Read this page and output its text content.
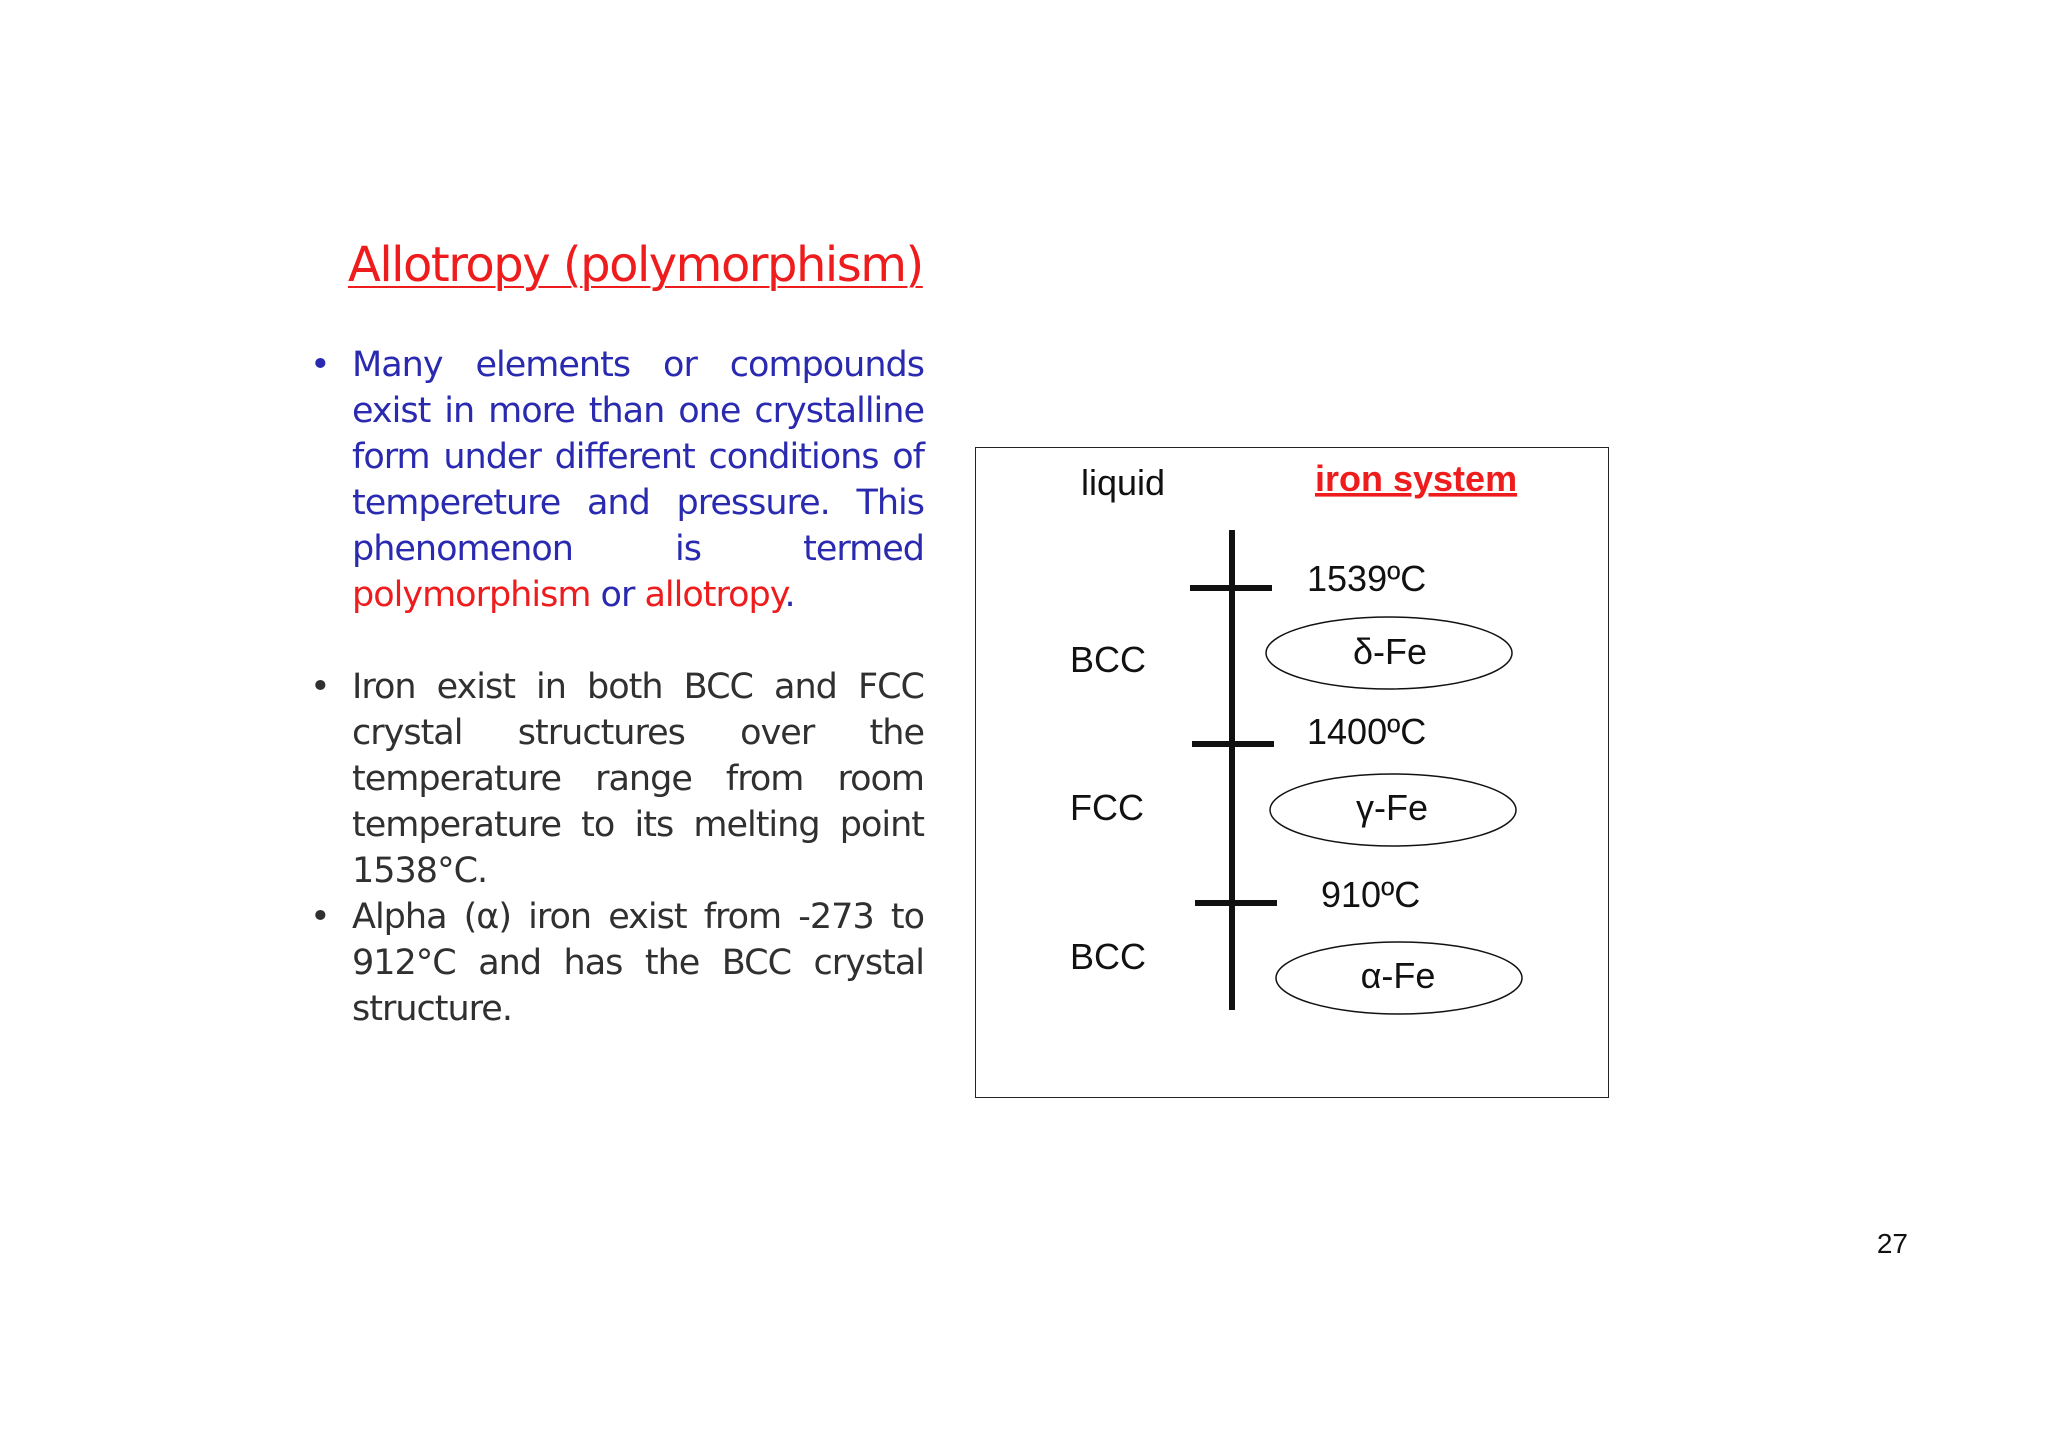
Allotropy (polymorphism)
• Many elements or compounds exist in more than one crystalline form under different conditions of tempereture and pressure. This phenomenon is termed polymorphism or allotropy.
• Iron exist in both BCC and FCC crystal structures over the temperature range from room temperature to its melting point 1538°C.
• Alpha (α) iron exist from -273 to 912°C and has the BCC crystal structure.
liquid	iron system
1539ºC
1400ºC
910ºC
BCC
FCC
BCC
δ-Fe
γ-Fe
α-Fe
27
